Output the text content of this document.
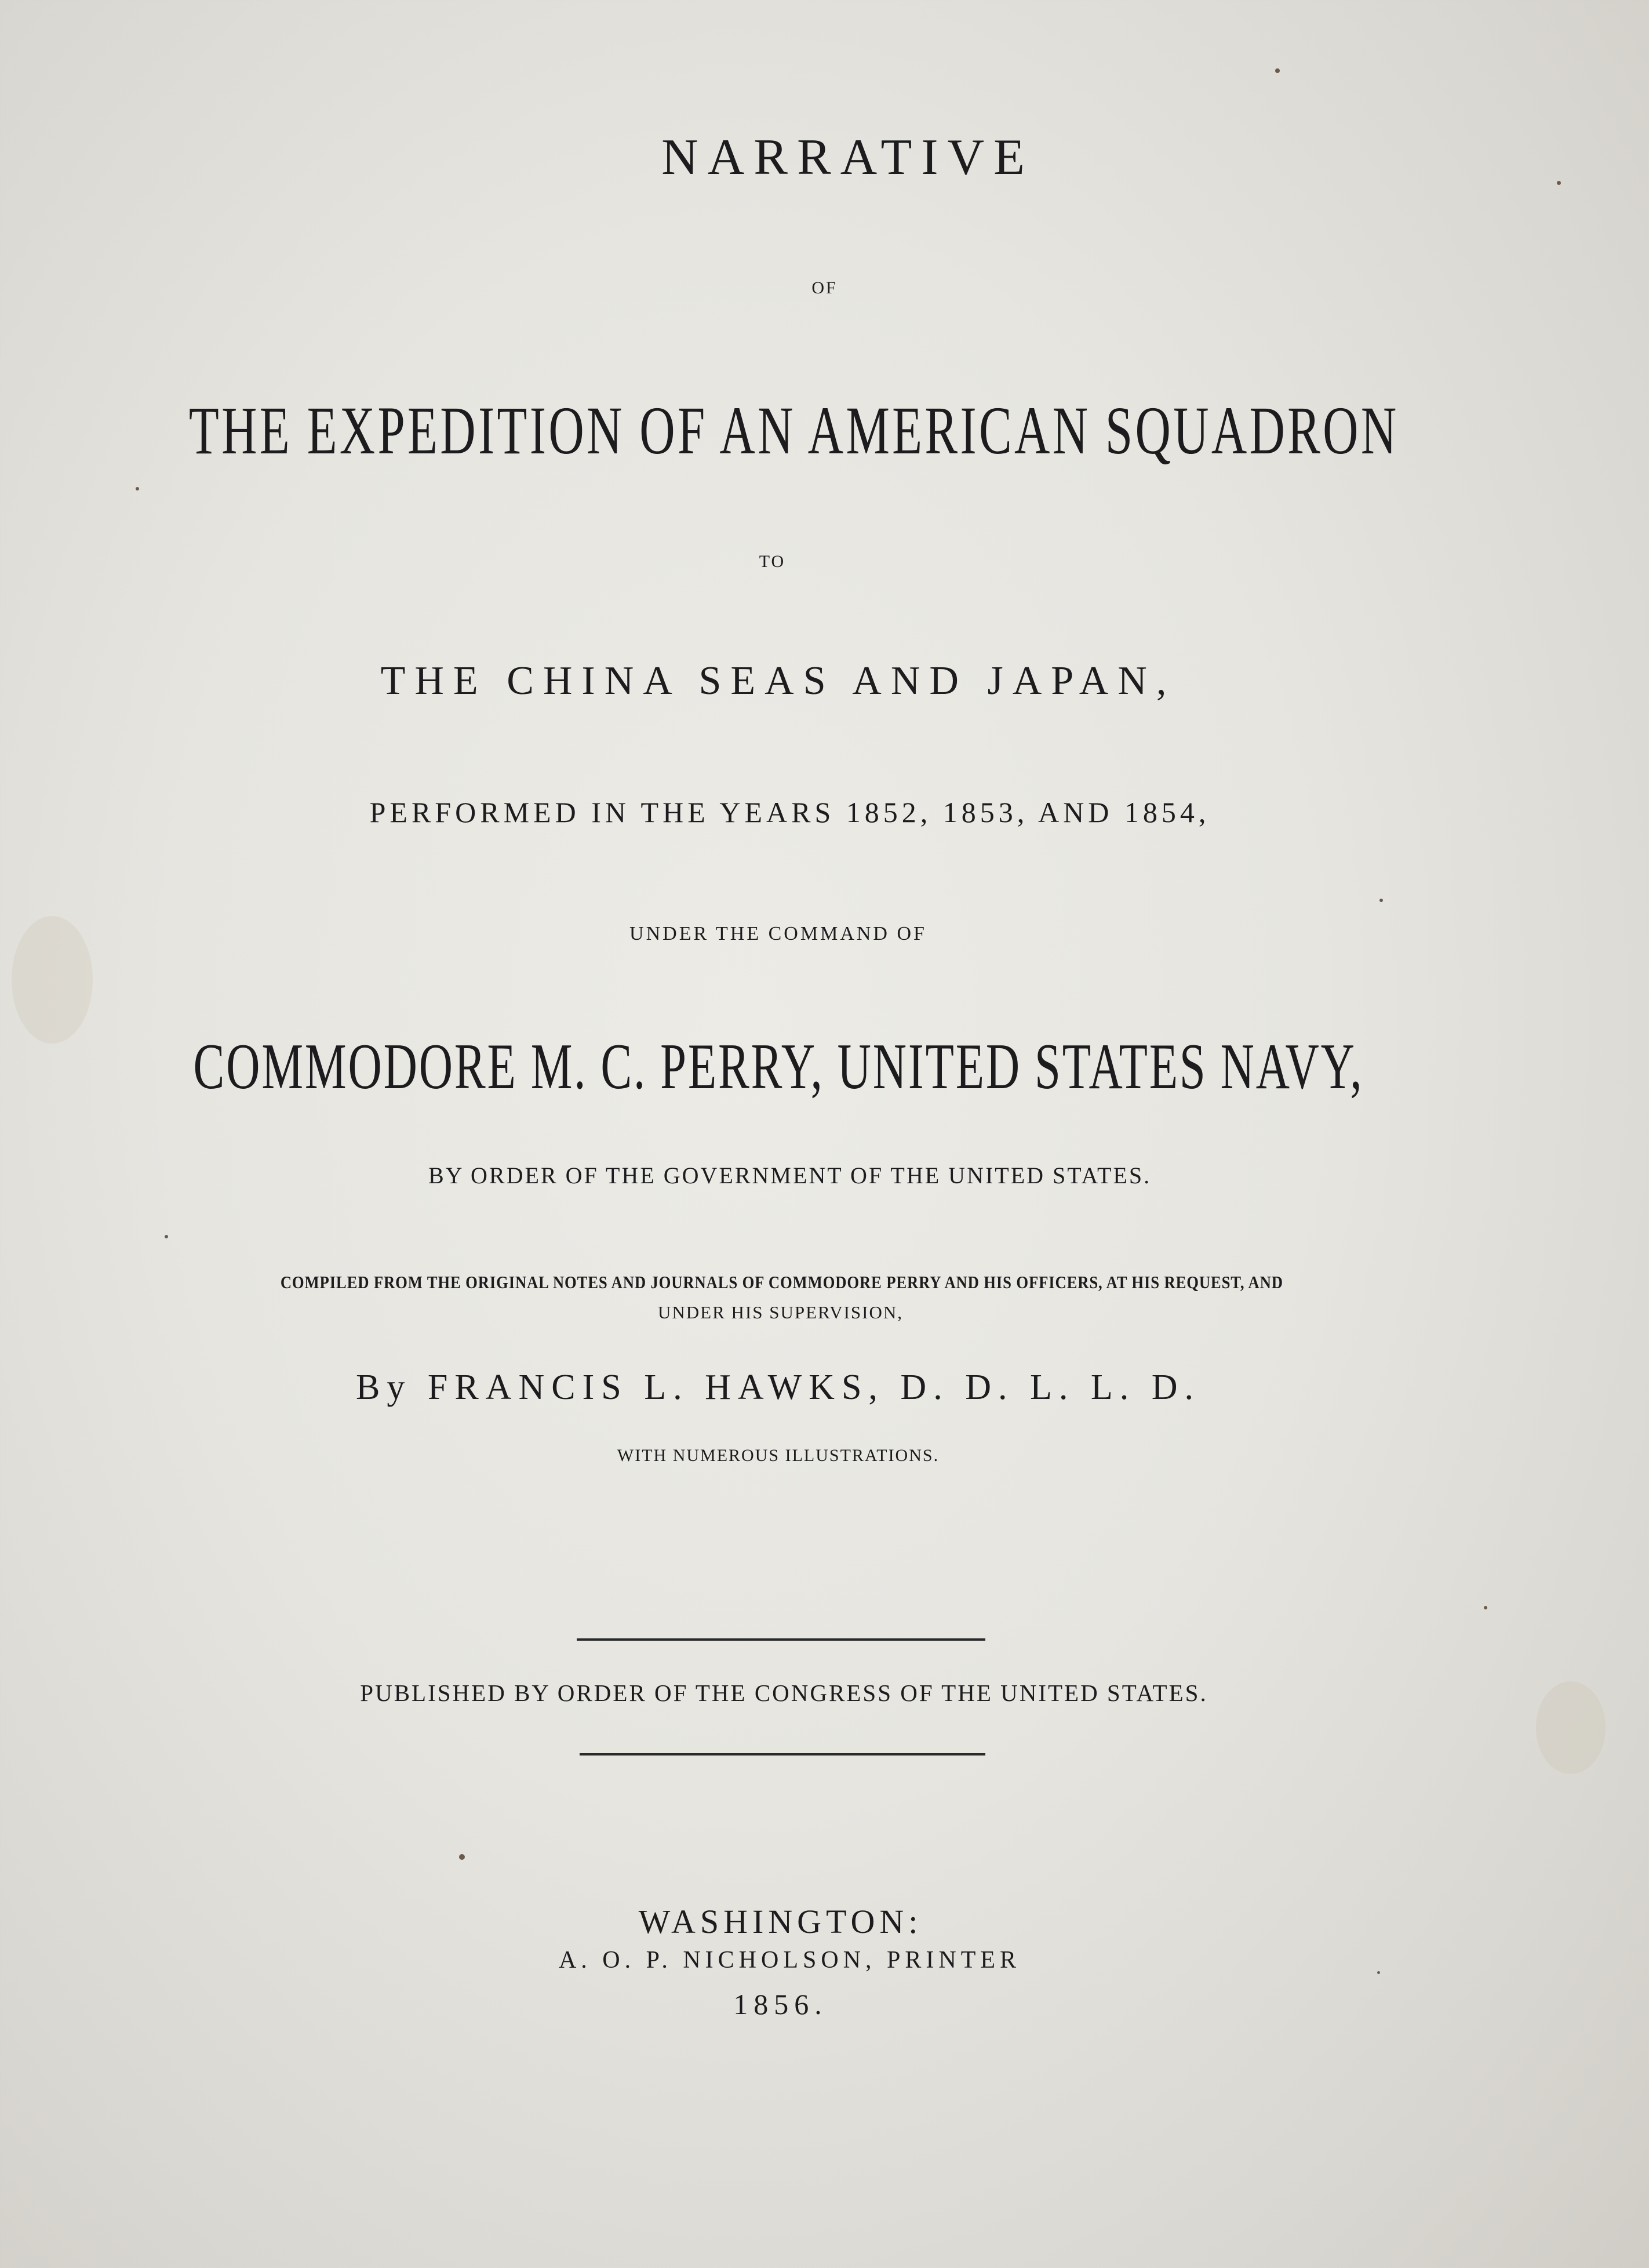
NARRATIVE
OF
THE EXPEDITION OF AN AMERICAN SQUADRON
TO
THE CHINA SEAS AND JAPAN,
PERFORMED IN THE YEARS 1852, 1853, AND 1854,
UNDER THE COMMAND OF
COMMODORE M. C. PERRY, UNITED STATES NAVY,
BY ORDER OF THE GOVERNMENT OF THE UNITED STATES.
COMPILED FROM THE ORIGINAL NOTES AND JOURNALS OF COMMODORE PERRY AND HIS OFFICERS, AT HIS REQUEST, AND
UNDER HIS SUPERVISION,
By FRANCIS L. HAWKS, D. D. L. L. D.
WITH NUMEROUS ILLUSTRATIONS.
PUBLISHED BY ORDER OF THE CONGRESS OF THE UNITED STATES.
WASHINGTON:
A. O. P. NICHOLSON, PRINTER
1856.
